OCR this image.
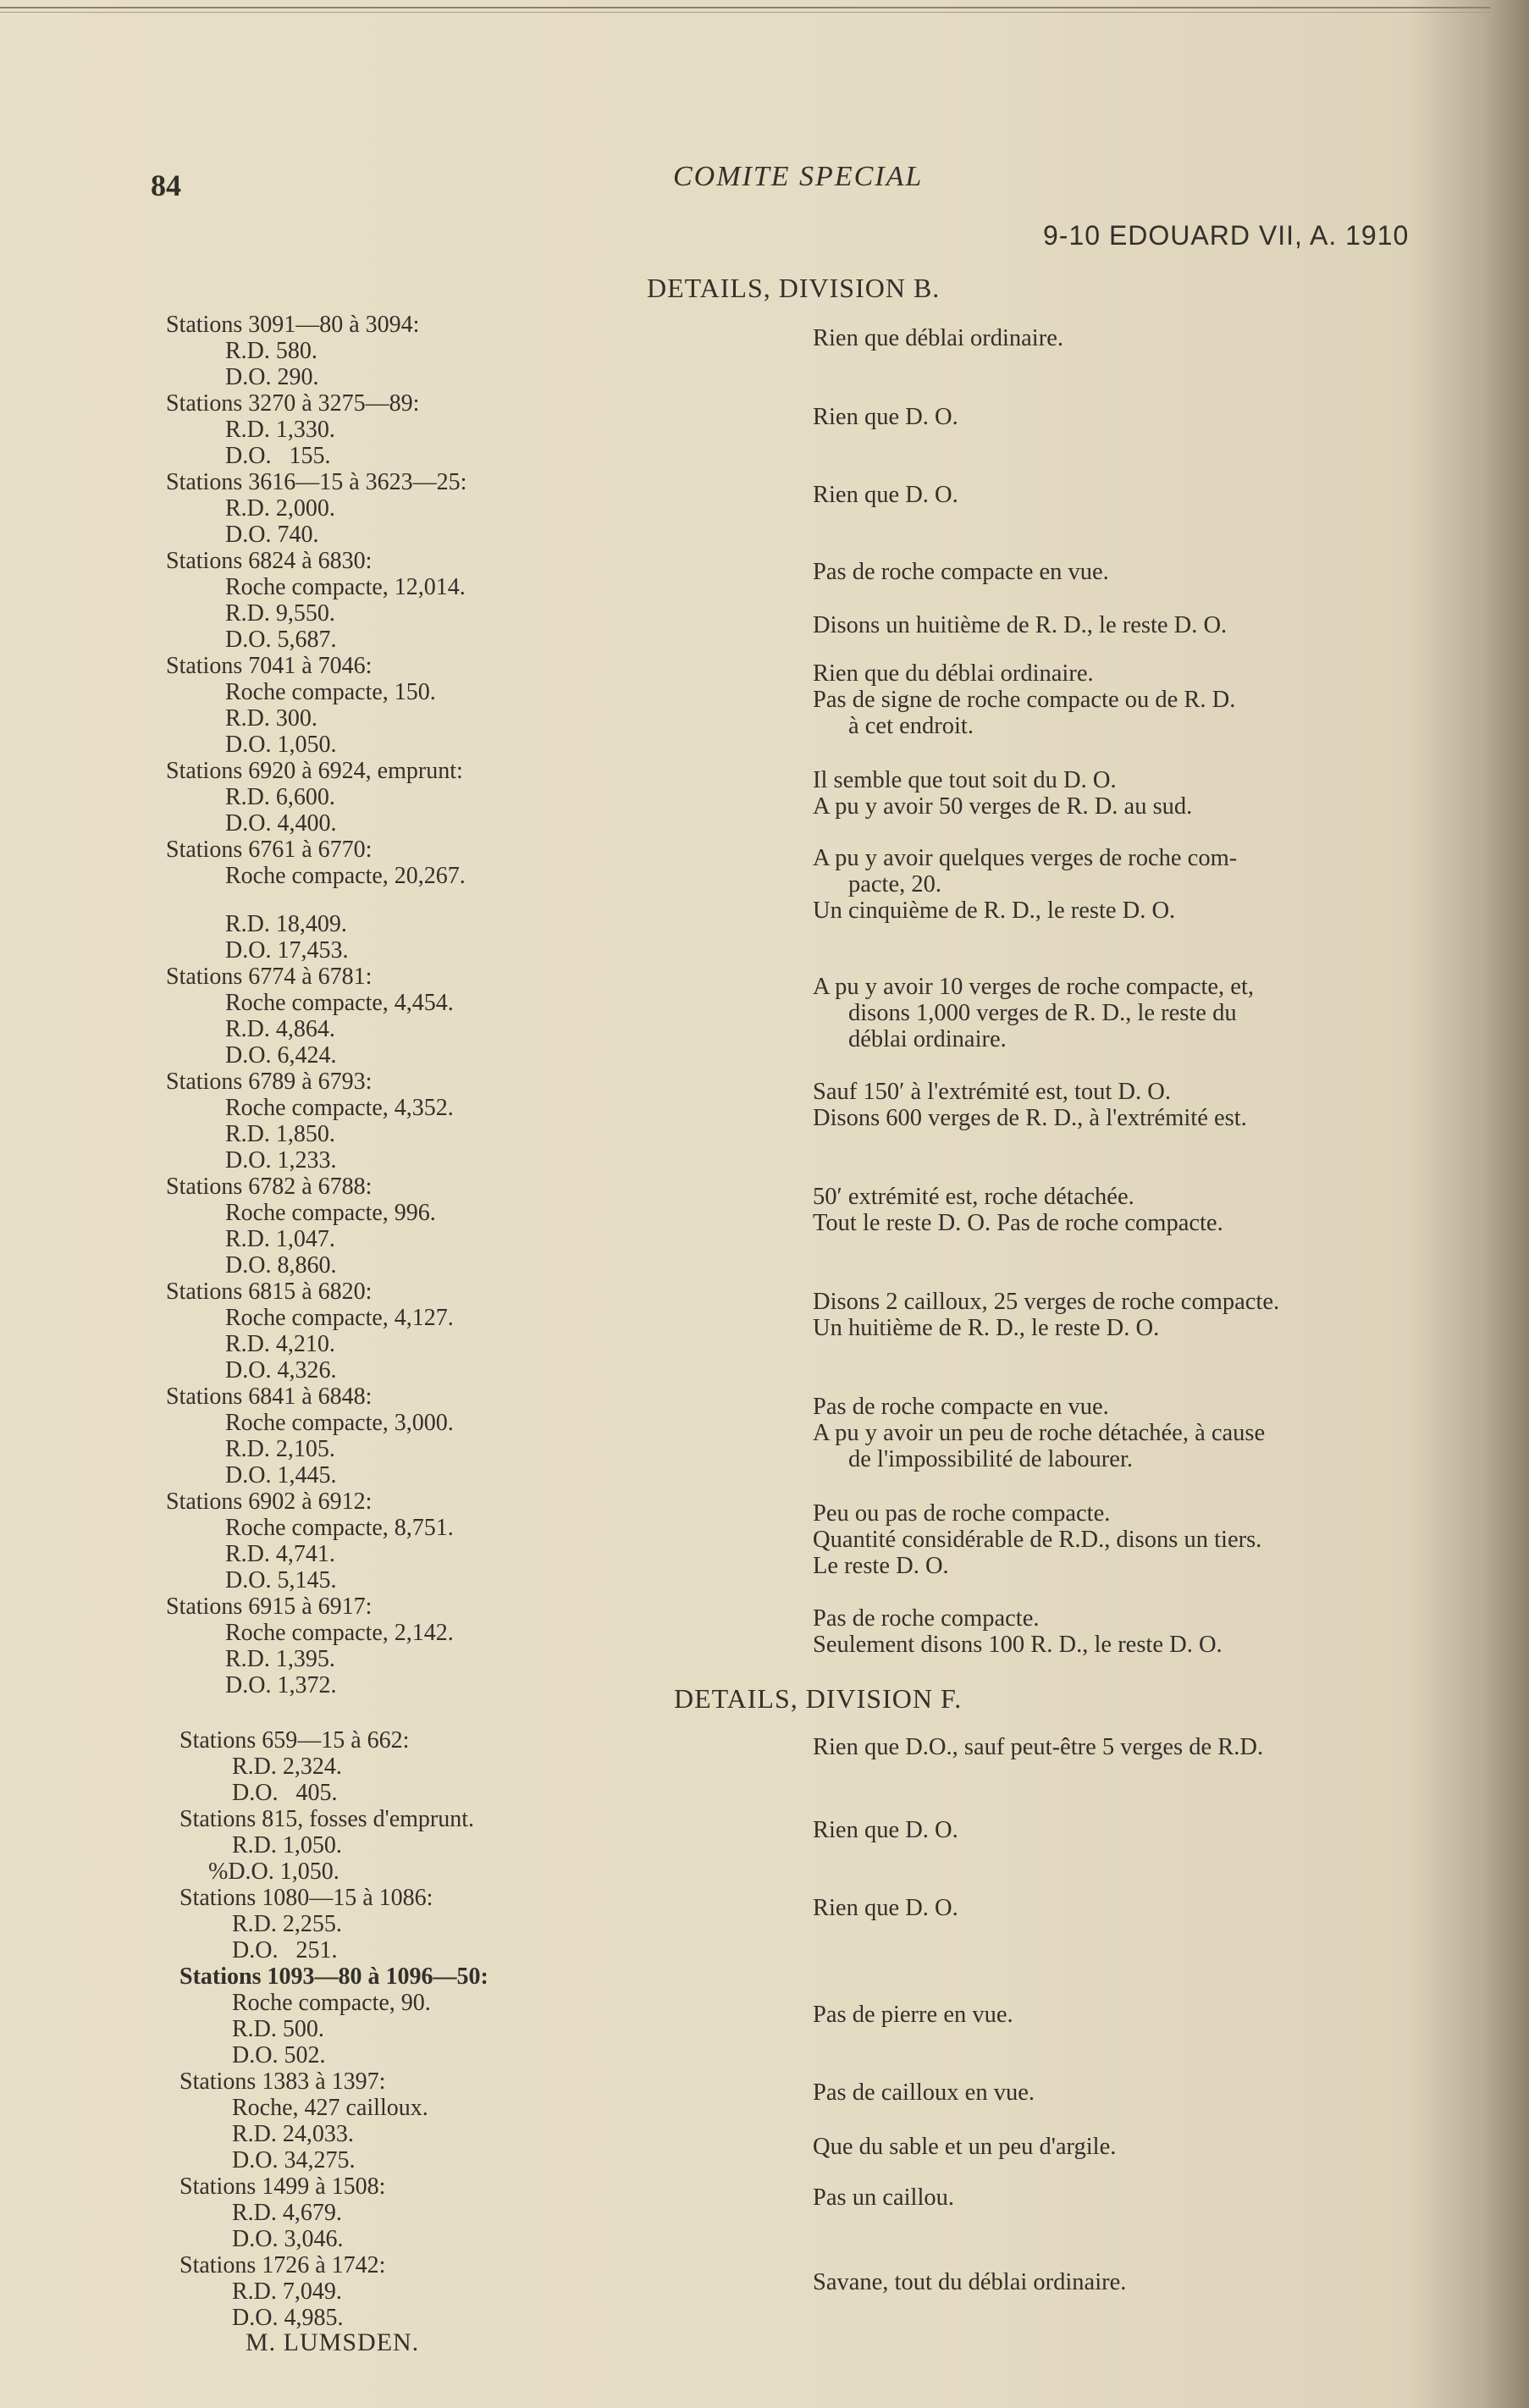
84	COMITE SPECIAL
9-10 EDOUARD VII, A. 1910
DETAILS, DIVISION B.
DETAILS, DIVISION F.
Stations 3091—80 à 3094:
R.D. 580.
D.O. 290.
Stations 3270 à 3275—89:
R.D. 1,330.
D.O.   155.
Stations 3616—15 à 3623—25:
R.D. 2,000.
D.O. 740.
Stations 6824 à 6830:
Roche compacte, 12,014.
R.D. 9,550.
D.O. 5,687.
Stations 7041 à 7046:
Roche compacte, 150.
R.D. 300.
D.O. 1,050.
Stations 6920 à 6924, emprunt:
R.D. 6,600.
D.O. 4,400.
Stations 6761 à 6770:
Roche compacte, 20,267.
R.D. 18,409.
D.O. 17,453.
Stations 6774 à 6781:
Roche compacte, 4,454.
R.D. 4,864.
D.O. 6,424.
Stations 6789 à 6793:
Roche compacte, 4,352.
R.D. 1,850.
D.O. 1,233.
Stations 6782 à 6788:
Roche compacte, 996.
R.D. 1,047.
D.O. 8,860.
Stations 6815 à 6820:
Roche compacte, 4,127.
R.D. 4,210.
D.O. 4,326.
Stations 6841 à 6848:
Roche compacte, 3,000.
R.D. 2,105.
D.O. 1,445.
Stations 6902 à 6912:
Roche compacte, 8,751.
R.D. 4,741.
D.O. 5,145.
Stations 6915 à 6917:
Roche compacte, 2,142.
R.D. 1,395.
D.O. 1,372.
Stations 659—15 à 662:
R.D. 2,324.
D.O.   405.
Stations 815, fosses d'emprunt.
R.D. 1,050.
%D.O. 1,050.
Stations 1080—15 à 1086:
R.D. 2,255.
D.O.   251.
Stations 1093—80 à 1096—50:
Roche compacte, 90.
R.D. 500.
D.O. 502.
Stations 1383 à 1397:
Roche, 427 cailloux.
R.D. 24,033.
D.O. 34,275.
Stations 1499 à 1508:
R.D. 4,679.
D.O. 3,046.
Stations 1726 à 1742:
R.D. 7,049.
D.O. 4,985.
Rien que déblai ordinaire.
Rien que D. O.
Rien que D. O.
Pas de roche compacte en vue.
Disons un huitième de R. D., le reste D. O.
Rien que du déblai ordinaire.
Pas de signe de roche compacte ou de R. D.
à cet endroit.
Il semble que tout soit du D. O.
A pu y avoir 50 verges de R. D. au sud.
A pu y avoir quelques verges de roche com-
pacte, 20.
Un cinquième de R. D., le reste D. O.
A pu y avoir 10 verges de roche compacte, et,
disons 1,000 verges de R. D., le reste du
déblai ordinaire.
Sauf 150′ à l'extrémité est, tout D. O.
Disons 600 verges de R. D., à l'extrémité est.
50′ extrémité est, roche détachée.
Tout le reste D. O. Pas de roche compacte.
Disons 2 cailloux, 25 verges de roche compacte.
Un huitième de R. D., le reste D. O.
Pas de roche compacte en vue.
A pu y avoir un peu de roche détachée, à cause
de l'impossibilité de labourer.
Peu ou pas de roche compacte.
Quantité considérable de R.D., disons un tiers.
Le reste D. O.
Pas de roche compacte.
Seulement disons 100 R. D., le reste D. O.
Rien que D.O., sauf peut-être 5 verges de R.D.
Rien que D. O.
Rien que D. O.
Pas de pierre en vue.
Pas de cailloux en vue.
Que du sable et un peu d'argile.
Pas un caillou.
Savane, tout du déblai ordinaire.
M. LUMSDEN.
